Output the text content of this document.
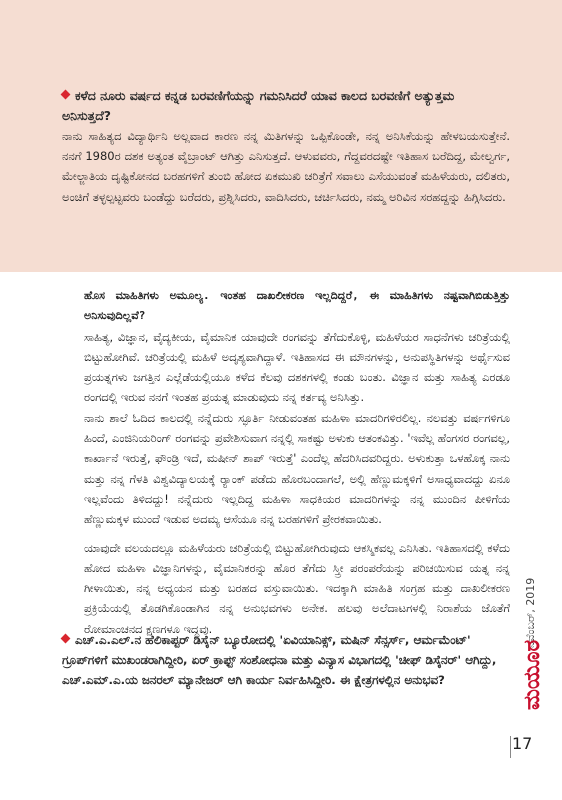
ಕಳೆದ ನೂರು ವರ್ಷದ ಕನ್ನಡ ಬರವಣಿಗೆಯನ್ನು ಗಮನಿಸಿದರೆ ಯಾವ ಕಾಲದ ಬರವಣಿಗೆ ಅತ್ಯುತ್ತಮ ಅನಿಸುತ್ತದೆ?
ನಾನು ಸಾಹಿತ್ಯದ ವಿದ್ಯಾರ್ಥಿನಿ ಅಲ್ಲವಾದ ಕಾರಣ ನನ್ನ ಮಿತಿಗಳನ್ನು ಒಪ್ಪಿಕೊಂಡೇ, ನನ್ನ ಅನಿಸಿಕೆಯನ್ನು ಹೇಳಬಯಸುತ್ತೇನೆ. ನನಗೆ 1980ರ ದಶಕ ಅತ್ಯಂತ ವೈಬ್ರಾಂಟ್ ಆಗಿತ್ತು ಎನಿಸುತ್ತದೆ. ಆಳುವವರು, ಗೆದ್ದವರದಷ್ಟೇ ಇತಿಹಾಸ ಬರೆದಿದ್ದ, ಮೇಲ್ವರ್ಗ, ಮೇಲ್ಜಾತಿಯ ದೃಷ್ಟಿಕೋನದ ಬರಹಗಳಿಗೆ ತುಂಬಿ ಹೋದ ಏಕಮುಖಿ ಚರಿತ್ರೆಗೆ ಸವಾಲು ಎಸೆಯುವಂತೆ ಮಹಿಳೆಯರು, ದಲಿತರು, ಅಂಚಿಗೆ ತಳ್ಳಲ್ಪಟ್ಟವರು ಬಂಡೆದ್ದು ಬರೆದರು, ಪ್ರಶ್ನಿಸಿದರು, ವಾದಿಸಿದರು, ಚರ್ಚಿಸಿದರು, ನಮ್ಮ ಅರಿವಿನ ಸರಹದ್ದನ್ನು ಹಿಗ್ಗಿಸಿದರು.

ಹೊಸ ಮಾಹಿತಿಗಳು ಅಮೂಲ್ಯ. ಇಂತಹ ದಾಖಲೀಕರಣ ಇಲ್ಲದಿದ್ದರೆ, ಈ ಮಾಹಿತಿಗಳು ನಷ್ಟವಾಗಿಬಿಡುತ್ತಿತ್ತು ಅನಿಸುವುದಿಲ್ಲವೆ?

ಸಾಹಿತ್ಯ, ವಿಜ್ಞಾನ, ವೈದ್ಯಕೀಯ, ವೈಮಾನಿಕ ಯಾವುದೇ ರಂಗವನ್ನು ತೆಗೆದುಕೊಳ್ಳಿ, ಮಹಿಳೆಯರ ಸಾಧನೆಗಳು ಚರಿತ್ರೆಯಲ್ಲಿ ಬಿಟ್ಟುಹೋಗಿವೆ. ಚರಿತ್ರೆಯಲ್ಲಿ ಮಹಿಳೆ ಅದೃಶ್ಯವಾಗಿದ್ದಾಳೆ. ಇತಿಹಾಸದ ಈ ಮೌನಗಳನ್ನು, ಅನುಪಸ್ಥಿತಿಗಳನ್ನು ಅರ್ಥೈಸುವ ಪ್ರಯತ್ನಗಳು ಜಗತ್ತಿನ ಎಲ್ಲೆಡೆಯಲ್ಲಿಯೂ ಕಳೆದ ಕೆಲವು ದಶಕಗಳಲ್ಲಿ ಕಂಡು ಬಂತು. ವಿಜ್ಞಾನ ಮತ್ತು ಸಾಹಿತ್ಯ ಎರಡೂ ರಂಗದಲ್ಲಿ ಇರುವ ನನಗೆ ಇಂತಹ ಪ್ರಯತ್ನ ಮಾಡುವುದು ನನ್ನ ಕರ್ತವ್ಯ ಅನಿಸಿತ್ತು.

ನಾನು ಶಾಲೆ ಓದಿದ ಕಾಲದಲ್ಲಿ ನನ್ನೆದುರು ಸ್ಫೂರ್ತಿ ನೀಡುವಂತಹ ಮಹಿಳಾ ಮಾದರಿಗಳಿರಲಿಲ್ಲ. ನಲವತ್ತು ವರ್ಷಗಳಿಗೂ ಹಿಂದೆ, ಎಂಜಿನಿಯರಿಂಗ್ ರಂಗವನ್ನು ಪ್ರವೇಶಿಸುವಾಗ ನನ್ನಲ್ಲಿ ಸಾಕಷ್ಟು ಅಳುಕು ಆತಂಕವಿತ್ತು. 'ಇವೆಲ್ಲ ಹೆಂಗಸರ ರಂಗವಲ್ಲ, ಕಾರ್ಖಾನೆ ಇರುತ್ತೆ, ಫೌಂಡ್ರಿ ಇದೆ, ಮಷೀನ್ ಶಾಪ್ ಇರುತ್ತೆ' ಎಂದೆಲ್ಲ ಹೆದರಿಸಿದವರಿದ್ದರು. ಅಳುಕುತ್ತಾ ಒಳಹೊಕ್ಕ ನಾನು ಮತ್ತು ನನ್ನ ಗೆಳತಿ ವಿಶ್ವವಿದ್ಯಾಲಯಕ್ಕೆ ರ‍್ಯಾಂಕ್ ಪಡೆದು ಹೊರಬಂದಾಗಲೆ, ಅಲ್ಲಿ ಹೆಣ್ಣುಮಕ್ಕಳಿಗೆ ಅಸಾಧ್ಯವಾದದ್ದು ಏನೂ ಇಲ್ಲವೆಂದು ತಿಳಿದದ್ದು! ನನ್ನೆದುರು ಇಲ್ಲದಿದ್ದ ಮಹಿಳಾ ಸಾಧಕಿಯರ ಮಾದರಿಗಳನ್ನು ನನ್ನ ಮುಂದಿನ ಪೀಳಿಗೆಯ ಹೆಣ್ಣುಮಕ್ಕಳ ಮುಂದೆ ಇಡುವ ಅದಮ್ಯ ಆಸೆಯೂ ನನ್ನ ಬರಹಗಳಿಗೆ ಪ್ರೇರಕವಾಯಿತು.

ಯಾವುದೇ ವಲಯದಲ್ಲೂ ಮಹಿಳೆಯರು ಚರಿತ್ರೆಯಲ್ಲಿ ಬಿಟ್ಟುಹೋಗಿರುವುದು ಆಕಸ್ಮಿಕವಲ್ಲ ಎನಿಸಿತು. ಇತಿಹಾಸದಲ್ಲಿ ಕಳೆದು ಹೋದ ಮಹಿಳಾ ವಿಜ್ಞಾನಿಗಳನ್ನು, ವೈಮಾನಿಕರನ್ನು ಹೊರ ತೆಗೆದು ಸ್ತ್ರೀ ಪರಂಪರೆಯನ್ನು ಪರಿಚಯಿಸುವ ಯತ್ನ ನನ್ನ ಗೀಳಾಯಿತು, ನನ್ನ ಅಧ್ಯಯನ ಮತ್ತು ಬರಹದ ವಸ್ತುವಾಯಿತು. ಇದಕ್ಕಾಗಿ ಮಾಹಿತಿ ಸಂಗ್ರಹ ಮತ್ತು ದಾಖಲೀಕರಣ ಪ್ರಕ್ರಿಯೆಯಲ್ಲಿ ತೊಡಗಿಕೊಂಡಾಗಿನ ನನ್ನ ಅನುಭವಗಳು ಅನೇಕ. ಹಲವು ಅಲೆದಾಟಗಳಲ್ಲಿ ನಿರಾಶೆಯ ಜೊತೆಗೆ ರೋಮಾಂಚನದ ಕ್ಷಣಗಳೂ ಇದ್ದವು.

ಎಚ್.ಎ.ಎಲ್.ನ ಹೆಲಿಕಾಪ್ಟರ್ ಡಿಸೈನ್ ಬ್ಯೂರೋದಲ್ಲಿ 'ಏವಿಯಾನಿಕ್ಸ್, ಮಷಿನ್ ಸೆನ್ಸರ್ಸ್, ಆರ್ಮಮೆಂಟ್' ಗ್ರೂಪ್‌ಗಳಿಗೆ ಮುಖಂಡರಾಗಿದ್ದೀರಿ, ಏರ್ ಕ್ರಾಫ್ಟ್ ಸಂಶೋಧನಾ ಮತ್ತು ವಿನ್ಯಾಸ ವಿಭಾಗದಲ್ಲಿ 'ಚೀಫ್ ಡಿಸೈನರ್' ಆಗಿದ್ದು, ಎಚ್.ಎಮ್.ಎ.ಯ ಜನರಲ್ ಮ್ಯಾನೇಜರ್ ಆಗಿ ಕಾರ್ಯ ನಿರ್ವಹಿಸಿದ್ದೀರಿ. ಈ ಕ್ಷೇತ್ರಗಳಲ್ಲಿನ ಅನುಭವ?
ನವೆಂಬರ್, 2019
ಮಯೂರ
17
